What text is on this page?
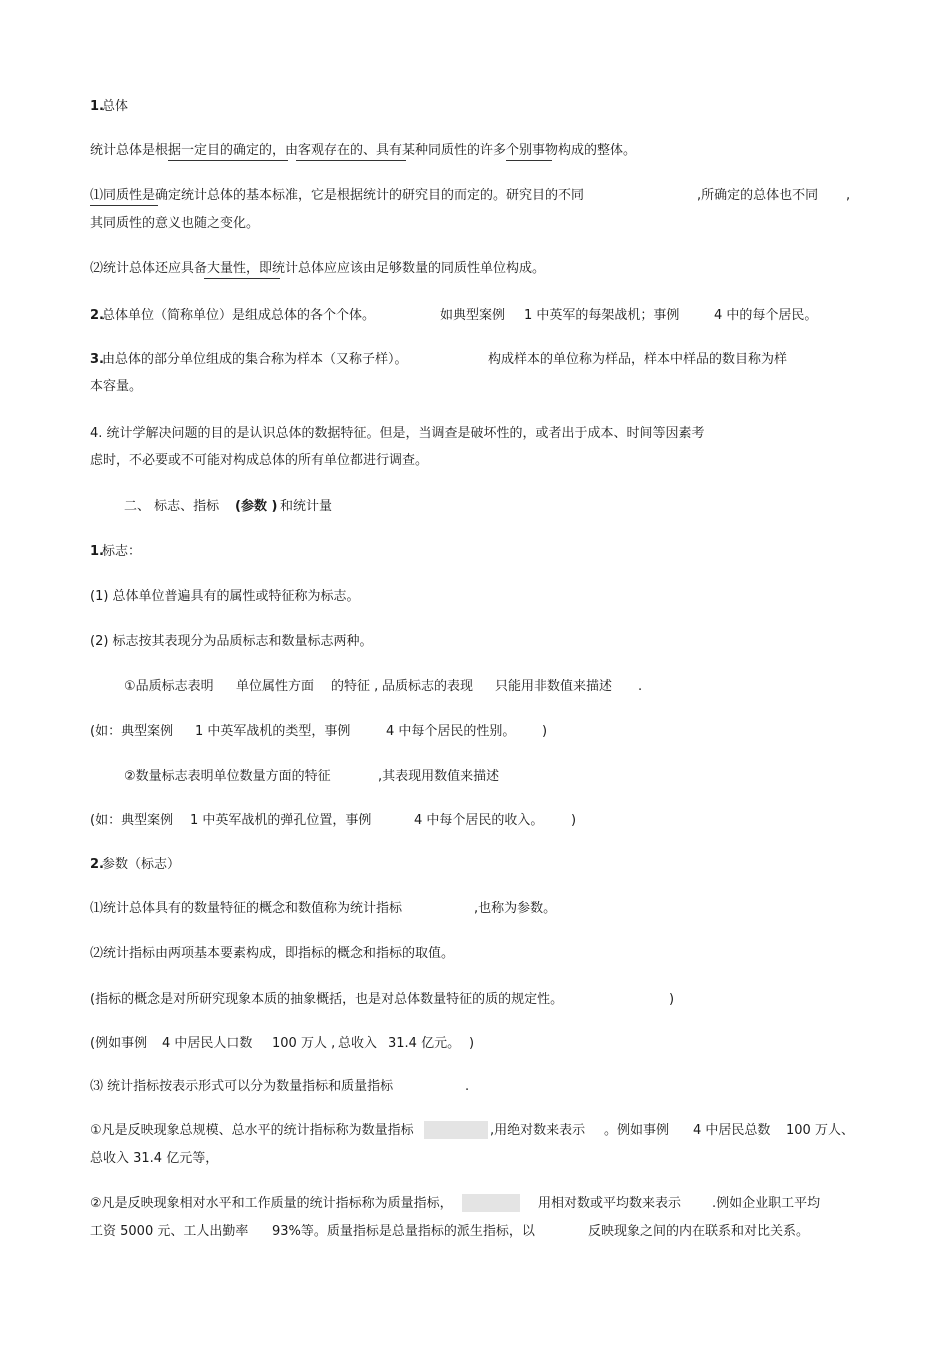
1.
总体
统计总体是根据一定目的确定的，由客观存在的、具有某种同质性的许多个别事物构成的整体。
⑴同质性是确定统计总体的基本标准，它是根据统计的研究目的而定的。研究目的不同	,所确定的总体也不同 ,
其同质性的意义也随之变化。
⑵统计总体还应具备大量性，即统计总体应应该由足够数量的同质性单位构成。
2.
总体单位（简称单位）是组成总体的各个个体。	如典型案例 1 中英军的每架战机；事例	4 中的每个居民。
3.
由总体的部分单位组成的集合称为样本（又称子样）。	构成样本的单位称为样品，样本中样品的数目称为样
本容量。
4. 统计学解决问题的目的是认识总体的数据特征。但是，当调查是破坏性的，或者出于成本、时间等因素考
虑时，不必要或不可能对构成总体的所有单位都进行调查。
二、 标志、指标 (参数 ) 和统计量
1.
标志：
(1) 总体单位普遍具有的属性或特征称为标志。
(2) 标志按其表现分为品质标志和数量标志两种。
①品质标志表明 单位属性方面 的特征 , 品质标志的表现 只能用非数值来描述 .
(如：典型案例 1 中英军战机的类型，事例	4 中每个居民的性别。 )
②数量标志表明单位数量方面的特征	,其表现用数值来描述
(如：典型案例 1 中英军战机的弹孔位置，事例	4 中每个居民的收入。 )
2.
参数（标志）
⑴统计总体具有的数量特征的概念和数值称为统计指标	,也称为参数。
⑵统计指标由两项基本要素构成，即指标的概念和指标的取值。
(指标的概念是对所研究现象本质的抽象概括，也是对总体数量特征的质的规定性。	)
(例如事例 4 中居民人口数 100 万人 , 总收入 31.4 亿元。 )
⑶ 统计指标按表示形式可以分为数量指标和质量指标	.
①凡是反映现象总规模、总水平的统计指标称为数量指标	,用绝对数来表示 。例如事例 4 中居民总数 100 万人、
总收入 31.4 亿元等，
②凡是反映现象相对水平和工作质量的统计指标称为质量指标，	用相对数或平均数来表示 .例如企业职工平均
工资 5000 元、工人出勤率 93%等。质量指标是总量指标的派生指标，以	反映现象之间的内在联系和对比关系。
